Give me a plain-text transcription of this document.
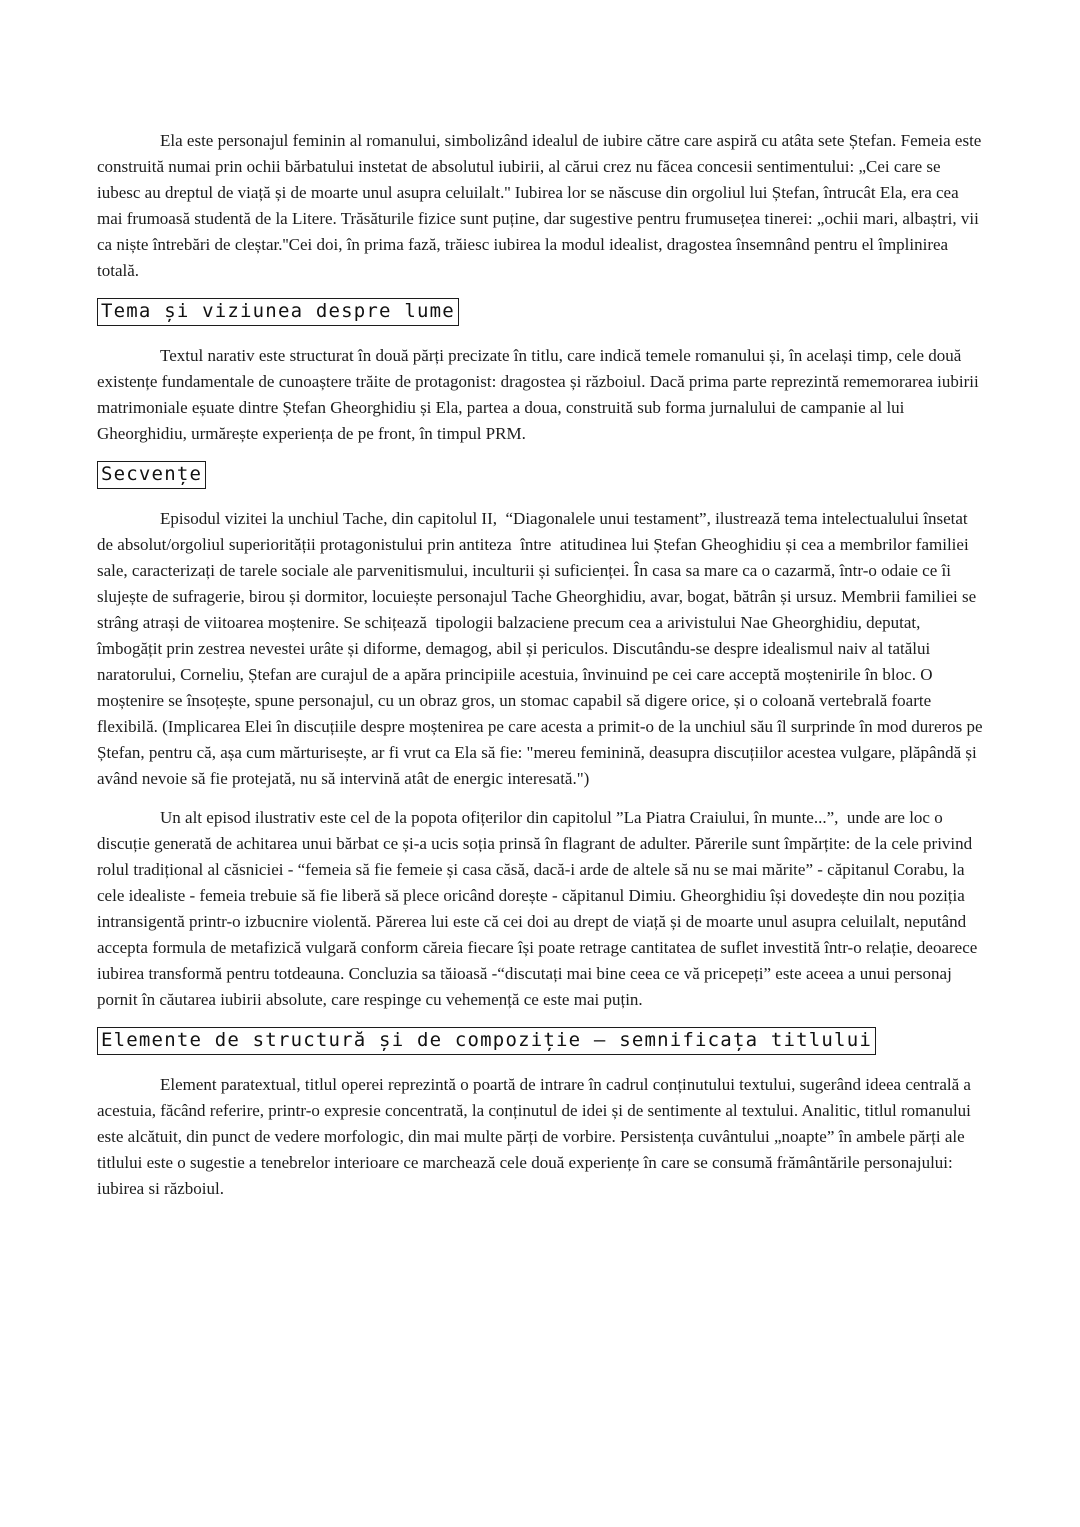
Ela este personajul feminin al romanului, simbolizând idealul de iubire către care aspiră cu atâta sete Ștefan. Femeia este construită numai prin ochii bărbatului instetat de absolutul iubirii, al cărui crez nu făcea concesii sentimentului: „Cei care se iubesc au dreptul de viață și de moarte unul asupra celuilalt.'' Iubirea lor se născuse din orgoliul lui Ștefan, întrucât Ela, era cea mai frumoasă studentă de la Litere. Trăsăturile fizice sunt puține, dar sugestive pentru frumusețea tinerei: „ochii mari, albaștri, vii ca niște întrebări de cleștar.''Cei doi, în prima fază, trăiesc iubirea la modul idealist, dragostea însemnând pentru el împlinirea totală.

Tema și viziunea despre lume

Textul narativ este structurat în două părți precizate în titlu, care indică temele romanului și, în același timp, cele două existențe fundamentale de cunoaștere trăite de protagonist: dragostea și războiul. Dacă prima parte reprezintă rememorarea iubirii matrimoniale eșuate dintre Ștefan Gheorghidiu și Ela, partea a doua, construită sub forma jurnalului de campanie al lui Gheorghidiu, urmărește experiența de pe front, în timpul PRM.

Secvențe

Episodul vizitei la unchiul Tache, din capitolul II,  “Diagonalele unui testament”, ilustrează tema intelectualului însetat de absolut/orgoliul superiorității protagonistului prin antiteza  între  atitudinea lui Ștefan Gheoghidiu și cea a membrilor familiei sale, caracterizați de tarele sociale ale parvenitismului, inculturii și suficienței. În casa sa mare ca o cazarmă, într-o odaie ce îi slujește de sufragerie, birou și dormitor, locuiește personajul Tache Gheorghidiu, avar, bogat, bătrân și ursuz. Membrii familiei se strâng atrași de viitoarea moștenire. Se schițează  tipologii balzaciene precum cea a arivistului Nae Gheorghidiu, deputat, îmbogățit prin zestrea nevestei urâte și diforme, demagog, abil și periculos. Discutându-se despre idealismul naiv al tatălui naratorului, Corneliu, Ștefan are curajul de a apăra principiile acestuia, învinuind pe cei care acceptă moștenirile în bloc. O moștenire se însoțește, spune personajul, cu un obraz gros, un stomac capabil să digere orice, și o coloană vertebrală foarte flexibilă. (Implicarea Elei în discuțiile despre moștenirea pe care acesta a primit-o de la unchiul său îl surprinde în mod dureros pe Ștefan, pentru că, așa cum mărturisește, ar fi vrut ca Ela să fie: "mereu feminină, deasupra discuțiilor acestea vulgare, plăpândă și având nevoie să fie protejată, nu să intervină atât de energic interesată.")

Un alt episod ilustrativ este cel de la popota ofițerilor din capitolul ”La Piatra Craiului, în munte...”,  unde are loc o discuție generată de achitarea unui bărbat ce și-a ucis soția prinsă în flagrant de adulter. Părerile sunt împărțite: de la cele privind rolul tradițional al căsniciei - “femeia să fie femeie și casa căsă, dacă-i arde de altele să nu se mai mărite” - căpitanul Corabu, la cele idealiste - femeia trebuie să fie liberă să plece oricând dorește - căpitanul Dimiu. Gheorghidiu își dovedește din nou poziția intransigentă printr-o izbucnire violentă. Părerea lui este că cei doi au drept de viață și de moarte unul asupra celuilalt, neputând accepta formula de metafizică vulgară conform căreia fiecare își poate retrage cantitatea de suflet investită într-o relație, deoarece iubirea transformă pentru totdeauna. Concluzia sa tăioasă -“discutați mai bine ceea ce vă pricepeți” este aceea a unui personaj pornit în căutarea iubirii absolute, care respinge cu vehemență ce este mai puțin.

Elemente de structură și de compoziție – semnificața titlului

Element paratextual, titlul operei reprezintă o poartă de intrare în cadrul conținutului textului, sugerând ideea centrală a acestuia, făcând referire, printr-o expresie concentrată, la conținutul de idei și de sentimente al textului. Analitic, titlul romanului este alcătuit, din punct de vedere morfologic, din mai multe părți de vorbire. Persistența cuvântului „noapte” în ambele părți ale titlului este o sugestie a tenebrelor interioare ce marchează cele două experiențe în care se consumă frământările personajului: iubirea si războiul.
